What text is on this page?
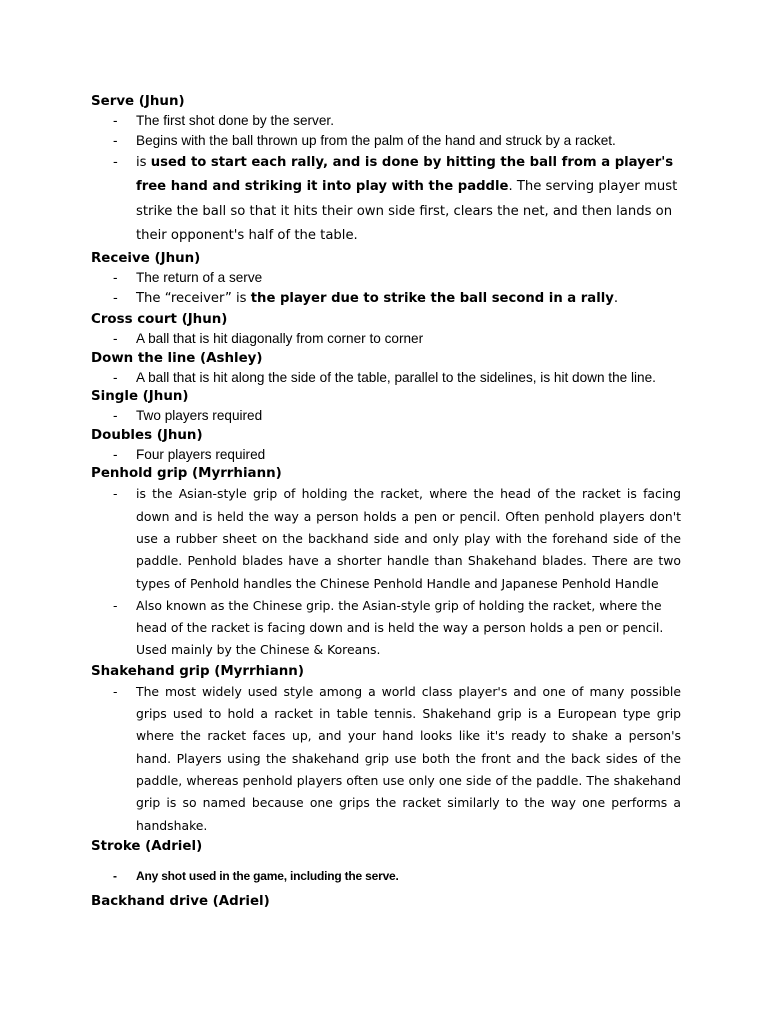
Serve (Jhun)

- The first shot done by the server.
- Begins with the ball thrown up from the palm of the hand and struck by a racket.
- is used to start each rally, and is done by hitting the ball from a player's free hand and striking it into play with the paddle. The serving player must strike the ball so that it hits their own side first, clears the net, and then lands on their opponent's half of the table.

Receive (Jhun)

- The return of a serve
- The “receiver” is the player due to strike the ball second in a rally.

Cross court (Jhun)

- A ball that is hit diagonally from corner to corner

Down the line (Ashley)

- A ball that is hit along the side of the table, parallel to the sidelines, is hit down the line.

Single (Jhun)

- Two players required

Doubles (Jhun)

- Four players required

Penhold grip (Myrrhiann)

- is the Asian-style grip of holding the racket, where the head of the racket is facing down and is held the way a person holds a pen or pencil. Often penhold players don't use a rubber sheet on the backhand side and only play with the forehand side of the paddle. Penhold blades have a shorter handle than Shakehand blades. There are two types of Penhold handles the Chinese Penhold Handle and Japanese Penhold Handle
- Also known as the Chinese grip. the Asian-style grip of holding the racket, where the head of the racket is facing down and is held the way a person holds a pen or pencil. Used mainly by the Chinese & Koreans.

Shakehand grip (Myrrhiann)

- The most widely used style among a world class player's and one of many possible grips used to hold a racket in table tennis. Shakehand grip is a European type grip where the racket faces up, and your hand looks like it's ready to shake a person's hand. Players using the shakehand grip use both the front and the back sides of the paddle, whereas penhold players often use only one side of the paddle. The shakehand grip is so named because one grips the racket similarly to the way one performs a handshake.

Stroke (Adriel)

- Any shot used in the game, including the serve.

Backhand drive (Adriel)
